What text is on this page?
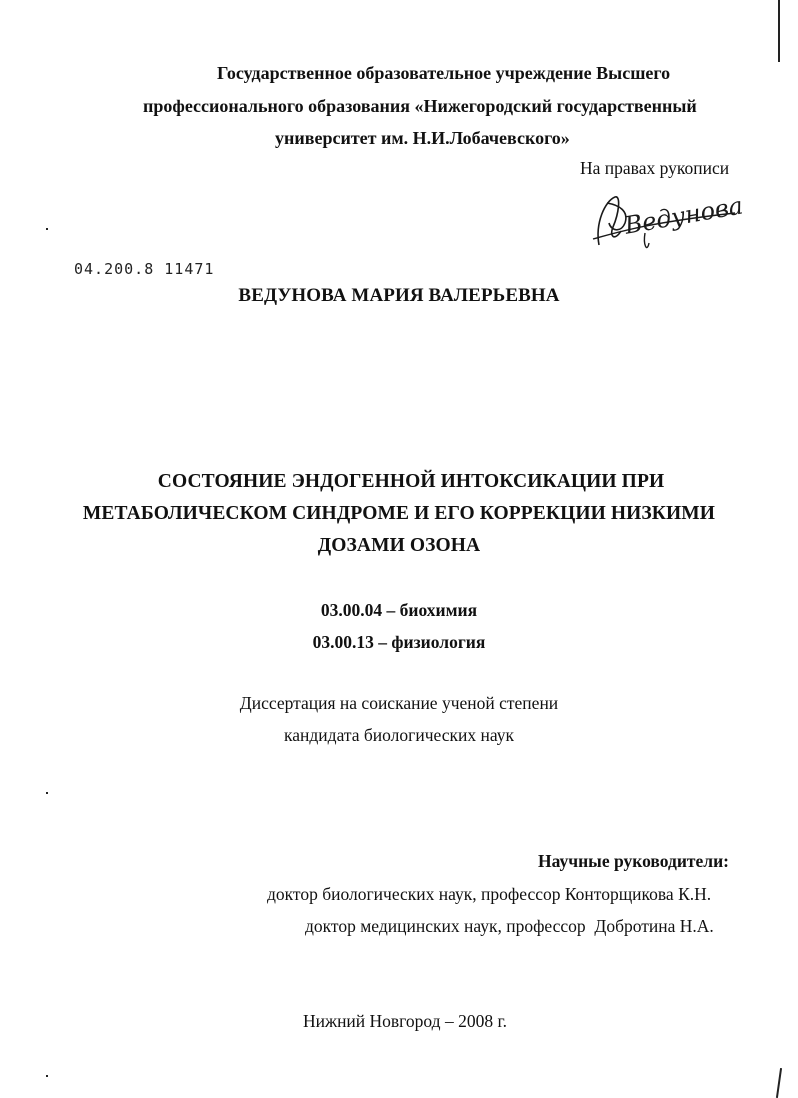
Государственное образовательное учреждение Высшего
профессионального образования «Нижегородский государственный
университет им. Н.И.Лобачевского»
На правах рукописи
Ведунова
04.200.8 11471
ВЕДУНОВА МАРИЯ ВАЛЕРЬЕВНА
СОСТОЯНИЕ ЭНДОГЕННОЙ ИНТОКСИКАЦИИ ПРИ
МЕТАБОЛИЧЕСКОМ СИНДРОМЕ И ЕГО КОРРЕКЦИИ НИЗКИМИ
ДОЗАМИ ОЗОНА
03.00.04 – биохимия
03.00.13 – физиология
Диссертация на соискание ученой степени
кандидата биологических наук
Научные руководители:
доктор биологических наук, профессор Конторщикова К.Н.
доктор медицинских наук, профессор  Добротина Н.А.
Нижний Новгород – 2008 г.
